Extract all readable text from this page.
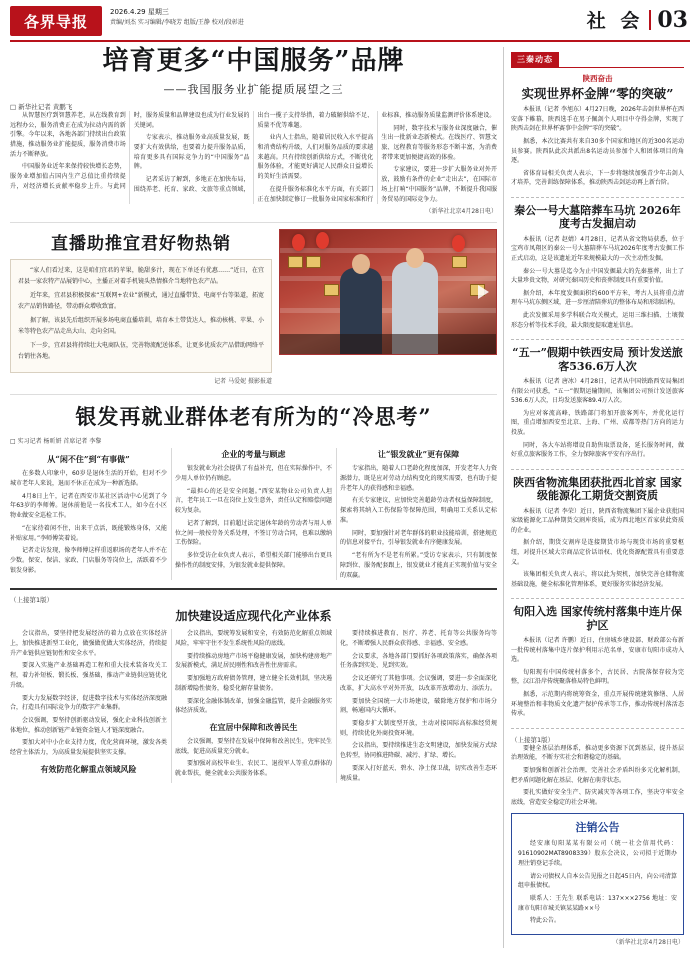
各界导报
2026.4.29 星期三
责编/刘杰 实习编辑/李晓芳 组版/王静 校对/段彰进	社 会 03
培育更多“中国服务”品牌
——我国服务业扩能提质展望之三
□ 新华社记者 黄鹏飞

从智慧医疗到智慧养老，从在线教育到远程办公，服务消费正在成为拉动内需的新引擎。今年以来，各地各部门持续出台政策措施，推动服务业扩能提质，服务消费市场活力不断释放。

中国服务业近年来保持较快增长态势，服务业增加值占国内生产总值比重持续提升，对经济增长贡献率稳步上升。与此同时，服务质量和品牌建设也成为行业发展的关键词。

专家表示，推动服务业高质量发展，既要扩大有效供给，也要着力提升服务品质，培育更多具有国际竞争力的“中国服务”品牌。

记者采访了解到，多地正在加快布局，围绕养老、托育、家政、文旅等重点领域，出台一揽子支持举措，着力破解供给不足、质量不优等难题。

业内人士指出，随着居民收入水平提高和消费结构升级，人们对服务品质的要求越来越高。只有持续创新供给方式，不断优化服务体验，才能更好满足人民群众日益增长的美好生活需要。

在提升服务标准化水平方面，有关部门正在加快制定修订一批服务业国家标准和行业标准，推动服务质量监测评价体系建设。

同时，数字技术与服务业深度融合，催生出一批新业态新模式。在线医疗、智慧文旅、远程教育等服务形态不断丰富，为消费者带来更加便捷高效的体验。

专家建议，要进一步扩大服务业对外开放，鼓励有条件的企业“走出去”，在国际市场上打响“中国服务”品牌，不断提升我国服务贸易的国际竞争力。

（新华社北京4月28日电）
直播助推宜君好物热销

“家人们看过来，这是咱们宜君的苹果，脆甜多汁，现在下单还有优惠……”近日，在宜君县一家农特产品展销中心，主播正对着手机镜头热情推介当地特色农产品。

近年来，宜君县积极探索“互联网+农业”新模式，通过直播带货、电商平台等渠道，拓宽农产品销售路径，带动群众增收致富。

据了解，该县先后组织开展多场电商直播培训，培育本土带货达人，推动核桃、苹果、小米等特色农产品走出大山、走向全国。

下一步，宜君县将持续壮大电商队伍，完善物流配送体系，让更多优质农产品借助网络平台销往各地。

记者 马爱妮 摄影报道
银发再就业群体老有所为的“冷思考”
□ 实习记者 杨昕妍 首席记者 李黎
从“闲不住”到“有事做”

在多数人印象中，60岁是退休生活的开始，但对不少城市老年人来说，退而不休正在成为一种新选择。

4月8日上午，记者在西安市某社区活动中心见到了今年63岁的李师傅。退休前他是一名技术工人，如今在小区物业做安全巡检工作。

“在家待着闲不住，出来干点活，既能锻炼身体，又能补贴家用。”李师傅笑着说。

记者走访发现，像李师傅这样重返职场的老年人并不在少数。保安、保洁、家政、门店服务等岗位上，活跃着不少银发身影。

企业的考量与顾虑

银发就业为社会提供了有益补充，但在实际操作中，不少用人单位仍有顾虑。

“最担心的还是安全问题。”西安某物业公司负责人坦言，老年员工一旦在岗位上发生意外，责任认定和赔偿问题较为复杂。

记者了解到，目前超过法定退休年龄的劳动者与用人单位之间一般按劳务关系处理，不签订劳动合同，也难以缴纳工伤保险。

多位受访企业负责人表示，希望相关部门能够出台更具操作性的制度安排，为银发就业提供保障。

让“银发就业”更有保障

专家指出，随着人口老龄化程度加深，开发老年人力资源潜力，既是应对劳动力结构变化的现实需要，也有助于提升老年人的获得感和幸福感。

有关专家建议，应加快完善超龄劳动者权益保障制度，探索将其纳入工伤保险等保障范围，明确用工关系认定标准。

同时，要加强针对老年群体的职业技能培训，搭建规范的信息对接平台，引导银发就业有序健康发展。

“老有所为不是老有所累。”受访专家表示，只有制度保障到位、服务配套跟上，银发就业才能真正实现价值与安全的双赢。

（上接第1版）
加快建设适应现代化产业体系

会议指出，要坚持把发展经济的着力点放在实体经济上，加快推进新型工业化，做强做优做大实体经济，持续提升产业链供应链韧性和安全水平。

要深入实施产业基础再造工程和重大技术装备攻关工程，着力补短板、锻长板、强基础，推动产业链供应链优化升级。

要大力发展数字经济，促进数字技术与实体经济深度融合，打造具有国际竞争力的数字产业集群。

会议强调，要坚持创新驱动发展，强化企业科技创新主体地位，推动创新链产业链资金链人才链深度融合。

要加大对中小企业支持力度，优化营商环境，激发各类经营主体活力，为高质量发展提供坚实支撑。

有效防范化解重点领域风险

会议指出，要统筹发展和安全，有效防范化解重点领域风险，牢牢守住不发生系统性风险的底线。

要持续推动房地产市场平稳健康发展，加快构建房地产发展新模式，满足居民刚性和改善性住房需求。

要加强地方政府债务管理，建立健全长效机制，坚决遏制新增隐性债务，稳妥化解存量债务。

要深化金融体制改革，加强金融监管，提升金融服务实体经济质效。

在宜居中保障和改善民生

会议强调，要坚持在发展中保障和改善民生，兜牢民生底线，促进高质量充分就业。

要加强对高校毕业生、农民工、退役军人等重点群体的就业帮扶，健全就业公共服务体系。

要持续推进教育、医疗、养老、托育等公共服务均等化，不断增强人民群众获得感、幸福感、安全感。

会议要求，各地各部门要抓好各项政策落实，确保各项任务落到实处、见到实效。

会议还研究了其他事项。会议强调，要进一步全面深化改革，扩大高水平对外开放，以改革开放增动力、添活力。

要加快全国统一大市场建设，破除地方保护和市场分割，畅通国内大循环。

要稳步扩大制度型开放，主动对接国际高标准经贸规则，持续优化外商投资环境。

会议指出，要持续推进生态文明建设，加快发展方式绿色转型，协同推进降碳、减污、扩绿、增长。

要深入打好蓝天、碧水、净土保卫战，切实改善生态环境质量。

三秦动态
陕西奋击
实现世界杯金牌“零的突破”

本报讯（记者 李旭东）4月27日晚，2026年击剑世界杯在西安落下帷幕，陕西选手在男子佩剑个人项目中夺得金牌，实现了陕西击剑在世界杯赛事中金牌“零的突破”。

据悉，本次比赛共有来自30多个国家和地区的近300名运动员参赛。陕西队此次共派出8名运动员参加个人和团体项目的角逐。

省体育局相关负责人表示，下一步将继续加强青少年击剑人才培养，完善训练保障体系，推动陕西击剑运动再上新台阶。

秦公一号大墓陪葬车马坑 2026年度考古发掘启动

本报讯（记者 赵婧）4月28日，记者从省文物局获悉，位于宝鸡市凤翔区的秦公一号大墓陪葬车马坑2026年度考古发掘工作正式启动，这是该遗址近年来规模最大的一次主动性发掘。

秦公一号大墓是迄今为止中国发掘最大的先秦墓葬，出土了大量珍贵文物，对研究秦国历史和丧葬制度具有重要价值。

据介绍，本年度发掘面积约600平方米，考古人员将重点清理车马坑东侧区域，进一步厘清陪葬坑的整体布局和形制结构。

此次发掘采用多学科联合攻关模式，运用三维扫描、土壤微形态分析等技术手段，最大限度提取遗址信息。

“五一”假期中铁西安局 预计发送旅客536.6万人次

本报讯（记者 唐冰）4月28日，记者从中国铁路西安局集团有限公司获悉，“五一”假期运输期间，该集团公司预计发送旅客536.6万人次，日均发送旅客89.4万人次。

为应对客流高峰，铁路部门将加开旅客列车，并优化运行图，重点增加西安至北京、上海、广州、成都等热门方向的运力投放。

同时，各大车站将增设自助售取票设备，延长服务时间，做好重点旅客服务工作，全力保障旅客平安有序出行。

陕西省物流集团获批西北首家 国家级能源化工期货交割资质

本报讯（记者 李荣）近日，陕西省物流集团下属企业获批国家级能源化工品种期货交割库资质，成为西北地区首家获此资质的企业。

据介绍，期货交割库是连接期货市场与现货市场的重要枢纽，对提升区域大宗商品定价话语权、优化资源配置具有重要意义。

该集团相关负责人表示，将以此为契机，加快完善仓储物流基础设施，健全标准化管理体系，更好服务实体经济发展。

旬阳入选 国家传统村落集中连片保护区

本报讯（记者 许鹏）近日，住房城乡建设部、财政部公布新一批传统村落集中连片保护利用示范名单，安康市旬阳市成功入选。

旬阳现有中国传统村落多个，古民居、古院落保存较为完整，汉江沿岸传统聚落格局特色鲜明。

据悉，示范期内将统筹资金，重点开展传统建筑修缮、人居环境整治和非物质文化遗产保护传承等工作，推动传统村落活态传承。

（上接第1版）

要健全基层治理体系，推动更多资源下沉到基层，提升基层治理效能，不断夯实社会和谐稳定的基础。

要加强和创新社会治理，完善社会矛盾纠纷多元化解机制，把矛盾问题化解在基层、化解在萌芽状态。

要扎实做好安全生产、防灾减灾等各项工作，坚决守牢安全底线，营造安全稳定的社会环境。

注销公告

经安康旬阳某某有限公司（统一社会信用代码：91610902MAT8908339）股东会决议，公司拟于近期办理注销登记手续。

请公司债权人自本公告见报之日起45日内，向公司清算组申报债权。

联系人：王先生 联系电话：137×××2756 地址：安康市旬阳市城关镇某某路××号

特此公告。

（新华社北京4月28日电）
